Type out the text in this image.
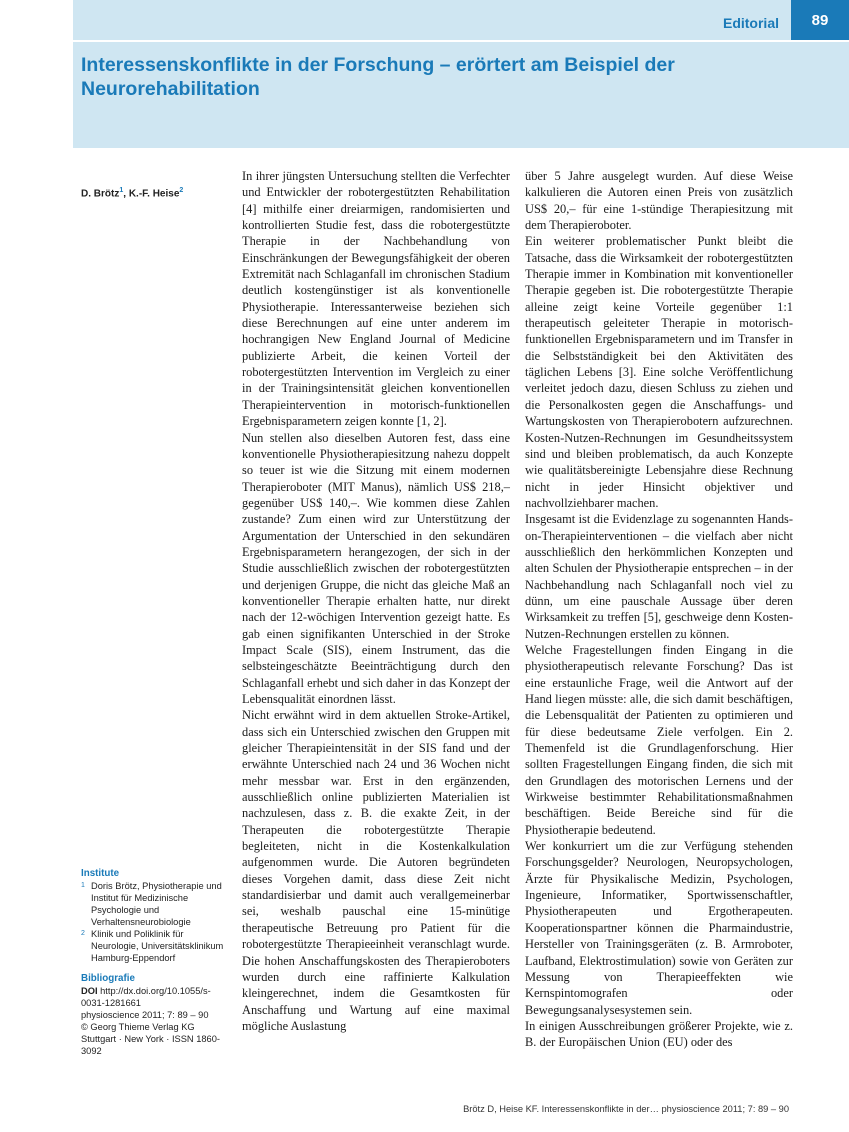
Editorial	89
Interessenskonflikte in der Forschung – erörtert am Beispiel der Neurorehabilitation
D. Brötz$^1$, K.-F. Heise$^2$

In ihrer jüngsten Untersuchung stellten die Verfechter und Entwickler der robotergestützten Rehabilitation [4] mithilfe einer dreiarmigen, randomisierten und kontrollierten Studie fest, dass die robotergestützte Therapie in der Nachbehandlung von Einschränkungen der Bewegungsfähigkeit der oberen Extremität nach Schlaganfall im chronischen Stadium deutlich kostengünstiger ist als konventionelle Physiotherapie. Interessanterweise beziehen sich diese Berechnungen auf eine unter anderem im hochrangigen New England Journal of Medicine publizierte Arbeit, die keinen Vorteil der robotergestützten Intervention im Vergleich zu einer in der Trainingsintensität gleichen konventionellen Therapieintervention in motorisch-funktionellen Ergebnisparametern zeigen konnte [1, 2].

Nun stellen also dieselben Autoren fest, dass eine konventionelle Physiotherapiesitzung nahezu doppelt so teuer ist wie die Sitzung mit einem modernen Therapieroboter (MIT Manus), nämlich US$ 218,– gegenüber US$ 140,–. Wie kommen diese Zahlen zustande? Zum einen wird zur Unterstützung der Argumentation der Unterschied in den sekundären Ergebnisparametern herangezogen, der sich in der Studie ausschließlich zwischen der robotergestützten und derjenigen Gruppe, die nicht das gleiche Maß an konventioneller Therapie erhalten hatte, nur direkt nach der 12-wöchigen Intervention gezeigt hatte. Es gab einen signifikanten Unterschied in der Stroke Impact Scale (SIS), einem Instrument, das die selbsteingeschätzte Beeinträchtigung durch den Schlaganfall erhebt und sich daher in das Konzept der Lebensqualität einordnen lässt.

Nicht erwähnt wird in dem aktuellen Stroke-Artikel, dass sich ein Unterschied zwischen den Gruppen mit gleicher Therapieintensität in der SIS fand und der erwähnte Unterschied nach 24 und 36 Wochen nicht mehr messbar war. Erst in den ergänzenden, ausschließlich online publizierten Materialien ist nachzulesen, dass z. B. die exakte Zeit, in der Therapeuten die robotergestützte Therapie begleiteten, nicht in die Kostenkalkulation aufgenommen wurde. Die Autoren begründeten dieses Vorgehen damit, dass diese Zeit nicht standardisierbar und damit auch verallgemeinerbar sei, weshalb pauschal eine 15-minütige therapeutische Betreuung pro Patient für die robotergestützte Therapieeinheit veranschlagt wurde. Die hohen Anschaffungskosten des Therapieroboters wurden durch eine raffinierte Kalkulation kleingerechnet, indem die Gesamtkosten für Anschaffung und Wartung auf eine maximal mögliche Auslastung

über 5 Jahre ausgelegt wurden. Auf diese Weise kalkulieren die Autoren einen Preis von zusätzlich US$ 20,– für eine 1-stündige Therapiesitzung mit dem Therapieroboter.

Ein weiterer problematischer Punkt bleibt die Tatsache, dass die Wirksamkeit der robotergestützten Therapie immer in Kombination mit konventioneller Therapie gegeben ist. Die robotergestützte Therapie alleine zeigt keine Vorteile gegenüber 1:1 therapeutisch geleiteter Therapie in motorisch-funktionellen Ergebnisparametern und im Transfer in die Selbstständigkeit bei den Aktivitäten des täglichen Lebens [3]. Eine solche Veröffentlichung verleitet jedoch dazu, diesen Schluss zu ziehen und die Personalkosten gegen die Anschaffungs- und Wartungskosten von Therapierobotern aufzurechnen. Kosten-Nutzen-Rechnungen im Gesundheitssystem sind und bleiben problematisch, da auch Konzepte wie qualitätsbereinigte Lebensjahre diese Rechnung nicht in jeder Hinsicht objektiver und nachvollziehbarer machen.

Insgesamt ist die Evidenzlage zu sogenannten Hands-on-Therapieinterventionen – die vielfach aber nicht ausschließlich den herkömmlichen Konzepten und alten Schulen der Physiotherapie entsprechen – in der Nachbehandlung nach Schlaganfall noch viel zu dünn, um eine pauschale Aussage über deren Wirksamkeit zu treffen [5], geschweige denn Kosten-Nutzen-Rechnungen erstellen zu können.

Welche Fragestellungen finden Eingang in die physiotherapeutisch relevante Forschung? Das ist eine erstaunliche Frage, weil die Antwort auf der Hand liegen müsste: alle, die sich damit beschäftigen, die Lebensqualität der Patienten zu optimieren und für diese bedeutsame Ziele verfolgen. Ein 2. Themenfeld ist die Grundlagenforschung. Hier sollten Fragestellungen Eingang finden, die sich mit den Grundlagen des motorischen Lernens und der Wirkweise bestimmter Rehabilitationsmaßnahmen beschäftigen. Beide Bereiche sind für die Physiotherapie bedeutend.

Wer konkurriert um die zur Verfügung stehenden Forschungsgelder? Neurologen, Neuropsychologen, Ärzte für Physikalische Medizin, Psychologen, Ingenieure, Informatiker, Sportwissenschaftler, Physiotherapeuten und Ergotherapeuten. Kooperationspartner können die Pharmaindustrie, Hersteller von Trainingsgeräten (z. B. Armroboter, Laufband, Elektrostimulation) sowie von Geräten zur Messung von Therapieeffekten wie Kernspintomografen oder Bewegungsanalysesystemen sein.

In einigen Ausschreibungen größerer Projekte, wie z. B. der Europäischen Union (EU) oder des

Institute
1 Doris Brötz, Physiotherapie und Institut für Medizinische Psychologie und Verhaltensneurobiologie
2 Klinik und Poliklinik für Neurologie, Universitätsklinikum Hamburg-Eppendorf
Bibliografie

DOI http://dx.doi.org/10.1055/s-0031-1281661

physioscience 2011; 7: 89 – 90

© Georg Thieme Verlag KG

Stuttgart · New York · ISSN 1860-3092

Brötz D, Heise KF. Interessenskonflikte in der… physioscience 2011; 7: 89 – 90
